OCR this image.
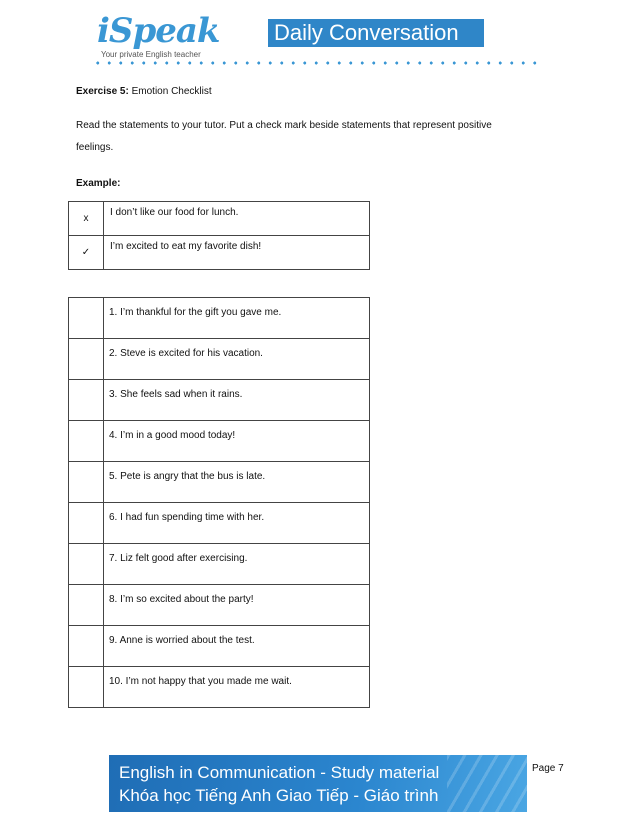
iSpeak
Your private English teacher
Daily Conversation
Exercise 5: Emotion Checklist
Read the statements to your tutor. Put a check mark beside statements that represent positive feelings.
Example:
x	I don’t like our food for lunch.
✓	I’m excited to eat my favorite dish!
	1. I’m thankful for the gift you gave me.
	2. Steve is excited for his vacation.
	3. She feels sad when it rains.
	4. I’m in a good mood today!
	5. Pete is angry that the bus is late.
	6. I had fun spending time with her.
	7. Liz felt good after exercising.
	8. I’m so excited about the party!
	9. Anne is worried about the test.
	10. I’m not happy that you made me wait.
English in Communication - Study material
Khóa học Tiếng Anh Giao Tiếp - Giáo trình
Page 7
